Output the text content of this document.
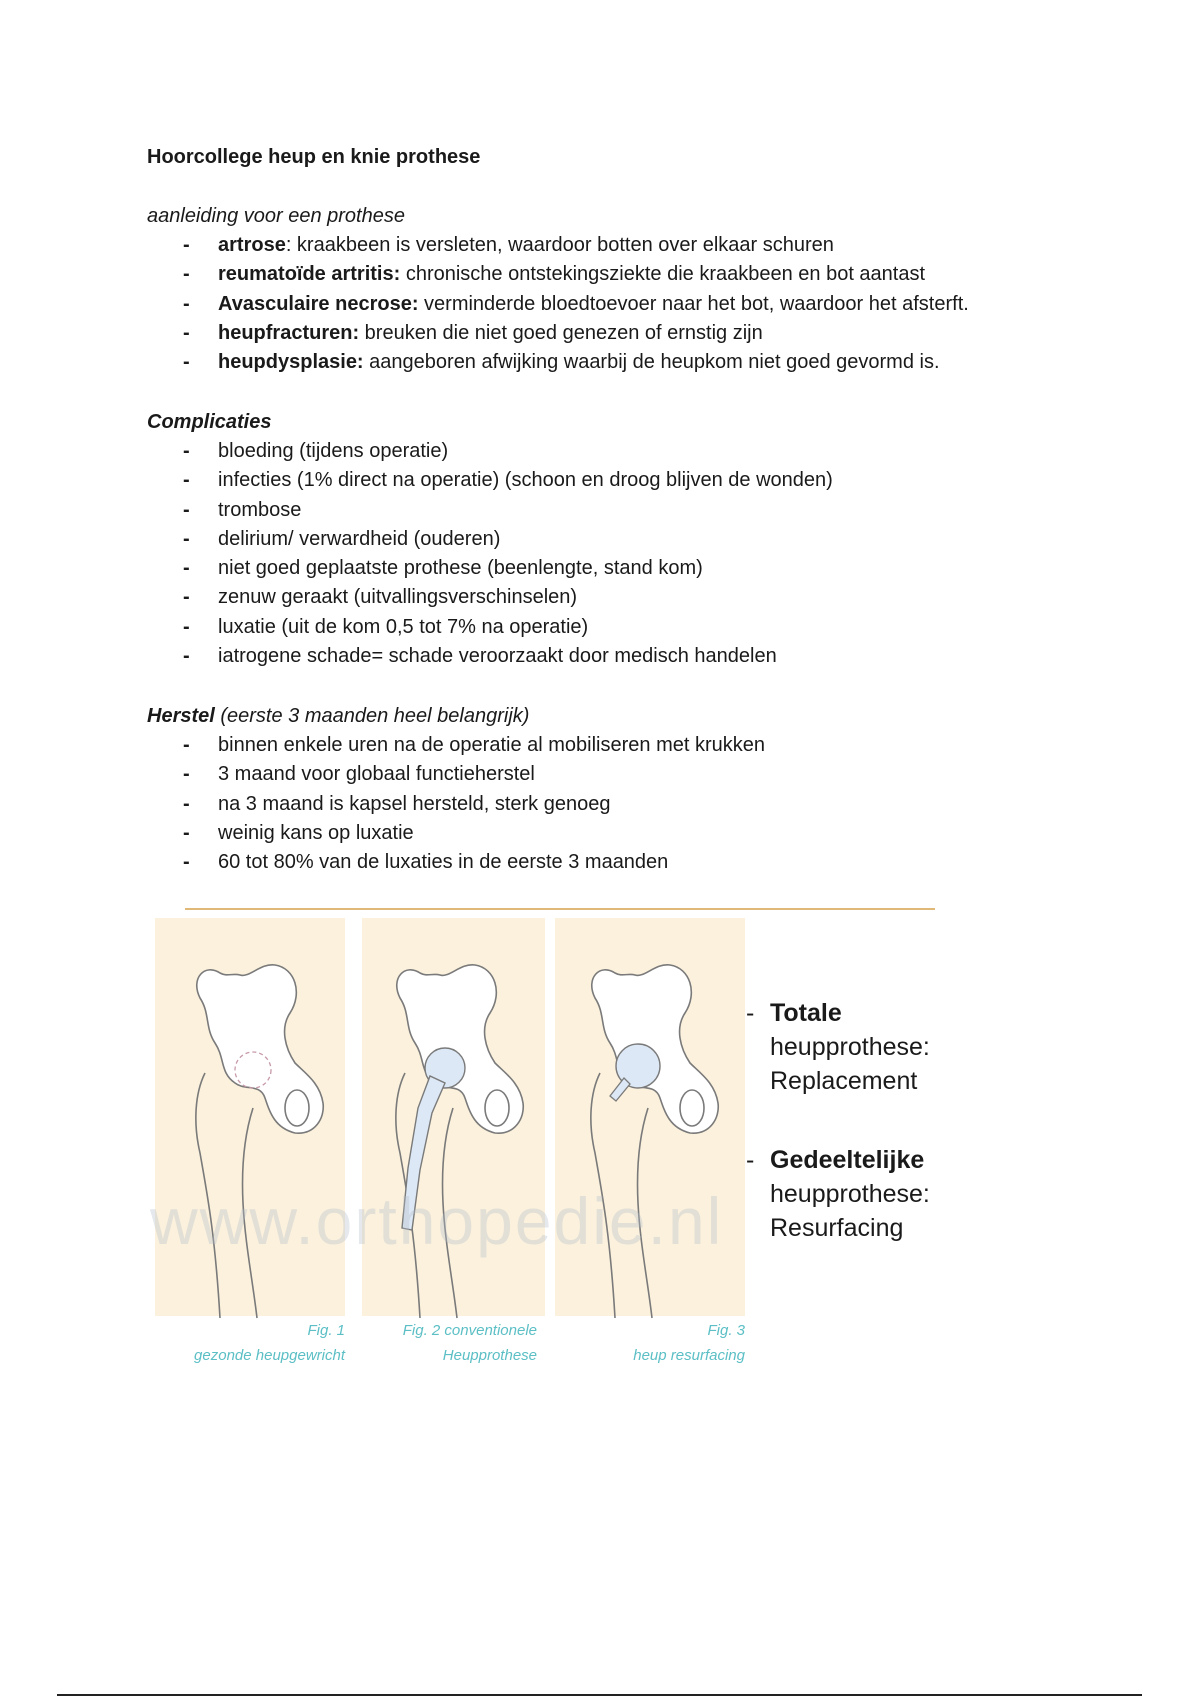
Hoorcollege heup en knie prothese

aanleiding voor een prothese

- artrose: kraakbeen is versleten, waardoor botten over elkaar schuren
- reumatoïde artritis: chronische ontstekingsziekte die kraakbeen en bot aantast
- Avasculaire necrose: verminderde bloedtoevoer naar het bot, waardoor het afsterft.
- heupfracturen: breuken die niet goed genezen of ernstig zijn
- heupdysplasie: aangeboren afwijking waarbij de heupkom niet goed gevormd is.

Complicaties

- bloeding (tijdens operatie)
- infecties (1% direct na operatie) (schoon en droog blijven de wonden)
- trombose
- delirium/ verwardheid (ouderen)
- niet goed geplaatste prothese (beenlengte, stand kom)
- zenuw geraakt (uitvallingsverschinselen)
- luxatie (uit de kom 0,5 tot 7% na operatie)
- iatrogene schade= schade veroorzaakt door medisch handelen

Herstel (eerste 3 maanden heel belangrijk)

- binnen enkele uren na de operatie al mobiliseren met krukken
- 3 maand voor globaal functieherstel
- na 3 maand is kapsel hersteld, sterk genoeg
- weinig kans op luxatie
- 60 tot 80% van de luxaties in de eerste 3 maanden
www.orthopedie.nl
Fig. 1
gezonde heupgewricht
Fig. 2 conventionele
Heupprothese
Fig. 3
heup resurfacing
- Totale
heupprothese:
Replacement
- Gedeeltelijke
heupprothese:
Resurfacing
